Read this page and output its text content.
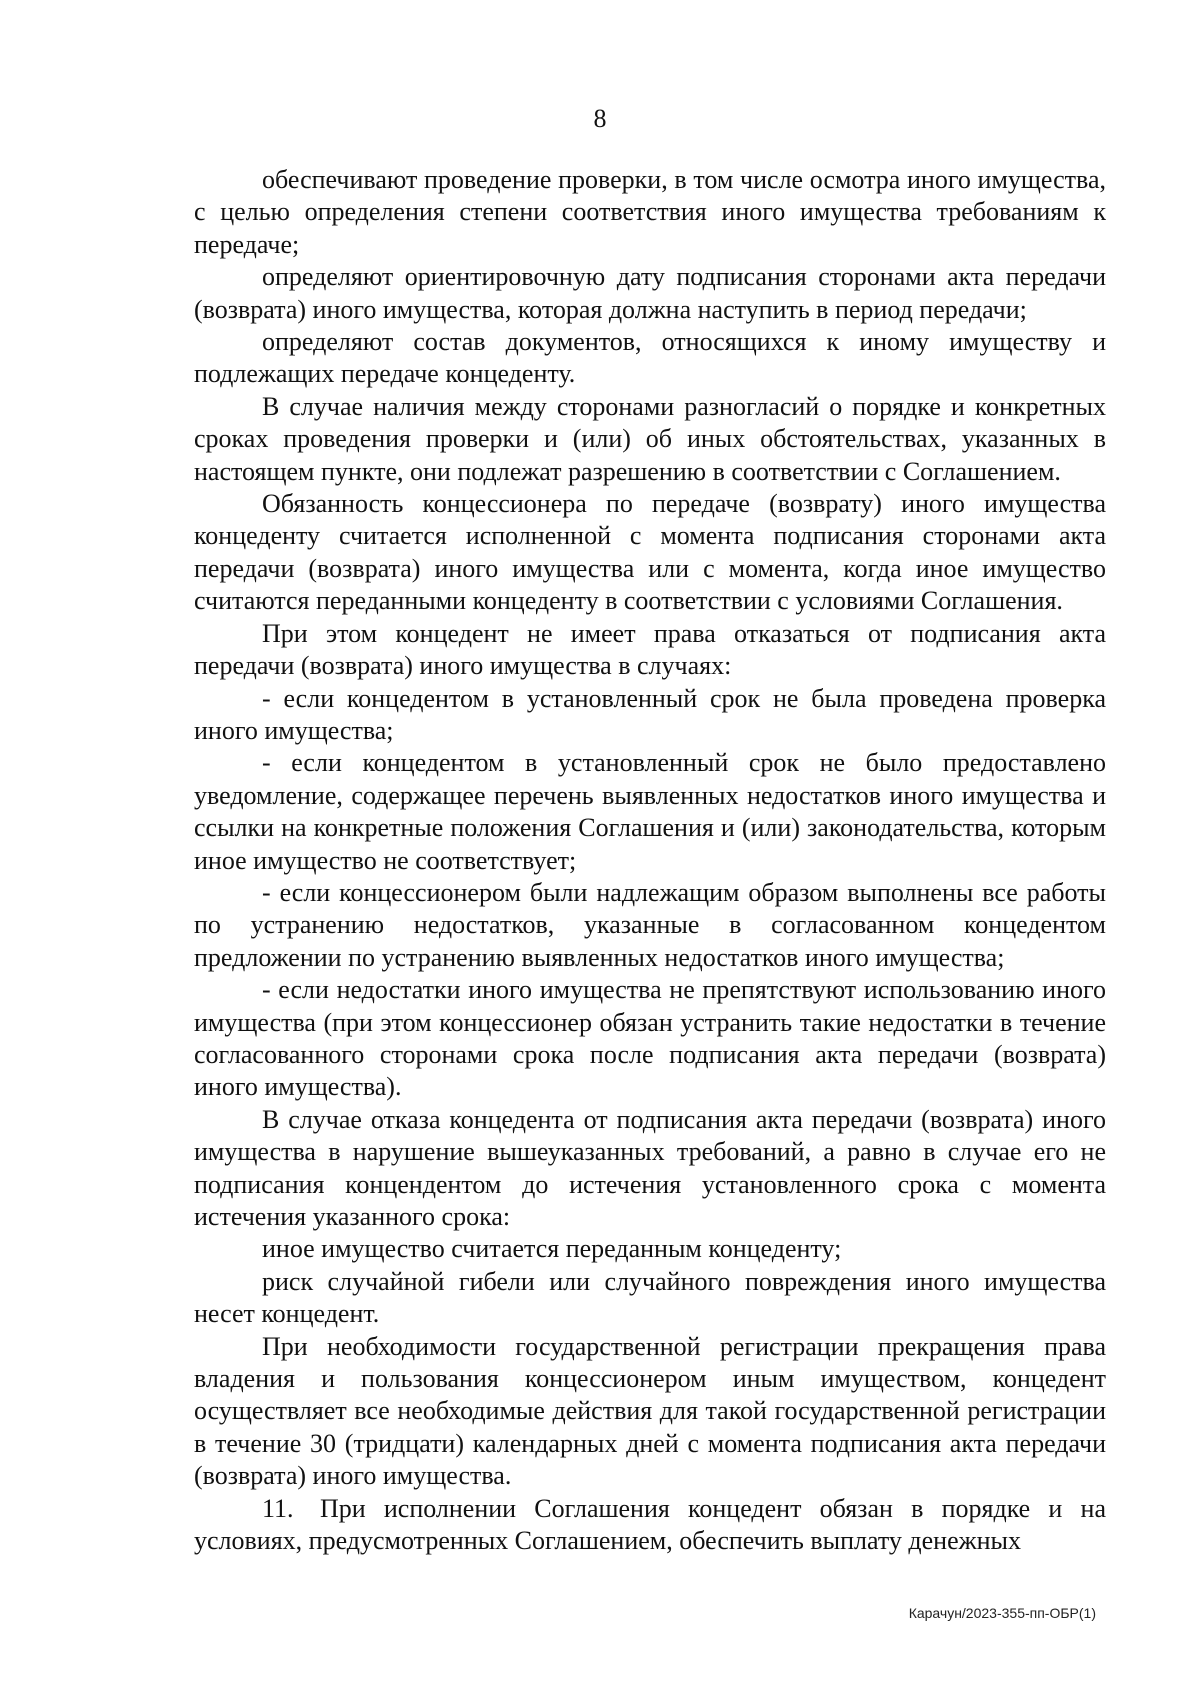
8

обеспечивают проведение проверки, в том числе осмотра иного имущества, с целью определения степени соответствия иного имущества требованиям к передаче;

определяют ориентировочную дату подписания сторонами акта передачи (возврата) иного имущества, которая должна наступить в период передачи;

определяют состав документов, относящихся к иному имуществу и подлежащих передаче концеденту.

В случае наличия между сторонами разногласий о порядке и конкретных сроках проведения проверки и (или) об иных обстоятельствах, указанных в настоящем пункте, они подлежат разрешению в соответствии с Соглашением.

Обязанность концессионера по передаче (возврату) иного имущества концеденту считается исполненной с момента подписания сторонами акта передачи (возврата) иного имущества или с момента, когда иное имущество считаются переданными концеденту в соответствии с условиями Соглашения.

При этом концедент не имеет права отказаться от подписания акта передачи (возврата) иного имущества в случаях:

- если концедентом в установленный срок не была проведена проверка иного имущества;

- если концедентом в установленный срок не было предоставлено уведомление, содержащее перечень выявленных недостатков иного имущества и ссылки на конкретные положения Соглашения и (или) законодательства, которым иное имущество не соответствует;

- если концессионером были надлежащим образом выполнены все работы по устранению недостатков, указанные в согласованном концедентом предложении по устранению выявленных недостатков иного имущества;

- если недостатки иного имущества не препятствуют использованию иного имущества (при этом концессионер обязан устранить такие недостатки в течение согласованного сторонами срока после подписания акта передачи (возврата) иного имущества).

В случае отказа концедента от подписания акта передачи (возврата) иного имущества в нарушение вышеуказанных требований, а равно в случае его не подписания концендентом до истечения установленного срока с момента истечения указанного срока:

иное имущество считается переданным концеденту;

риск случайной гибели или случайного повреждения иного имущества несет концедент.

При необходимости государственной регистрации прекращения права владения и пользования концессионером иным имуществом, концедент осуществляет все необходимые действия для такой государственной регистрации в течение 30 (тридцати) календарных дней с момента подписания акта передачи (возврата) иного имущества.

11. При исполнении Соглашения концедент обязан в порядке и на условиях, предусмотренных Соглашением, обеспечить выплату денежных

Карачун/2023-355-пп-ОБР(1)
